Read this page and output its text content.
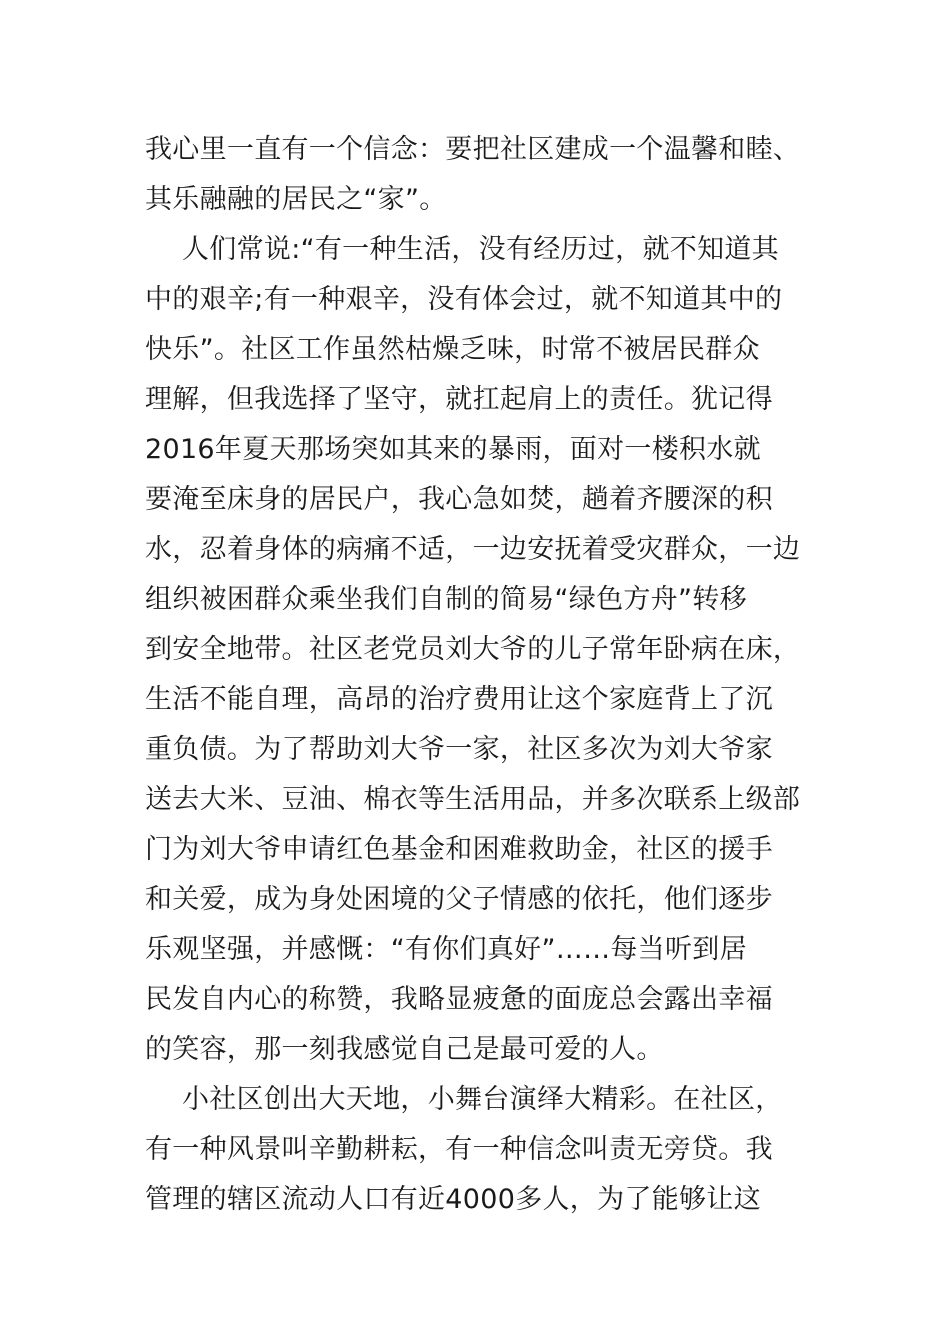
我心里一直有一个信念：要把社区建成一个温馨和睦、
其乐融融的居民之“家”。
人们常说:“有一种生活，没有经历过，就不知道其
中的艰辛;有一种艰辛，没有体会过，就不知道其中的
快乐”。社区工作虽然枯燥乏味，时常不被居民群众
理解，但我选择了坚守，就扛起肩上的责任。犹记得
2016年夏天那场突如其来的暴雨，面对一楼积水就
要淹至床身的居民户，我心急如焚，趟着齐腰深的积
水，忍着身体的病痛不适，一边安抚着受灾群众，一边
组织被困群众乘坐我们自制的简易“绿色方舟”转移
到安全地带。社区老党员刘大爷的儿子常年卧病在床，
生活不能自理，高昂的治疗费用让这个家庭背上了沉
重负债。为了帮助刘大爷一家，社区多次为刘大爷家
送去大米、豆油、棉衣等生活用品，并多次联系上级部
门为刘大爷申请红色基金和困难救助金，社区的援手
和关爱，成为身处困境的父子情感的依托，他们逐步
乐观坚强，并感慨：“有你们真好”……每当听到居
民发自内心的称赞，我略显疲惫的面庞总会露出幸福
的笑容，那一刻我感觉自己是最可爱的人。
小社区创出大天地，小舞台演绎大精彩。在社区，
有一种风景叫辛勤耕耘，有一种信念叫责无旁贷。我
管理的辖区流动人口有近4000多人，为了能够让这
